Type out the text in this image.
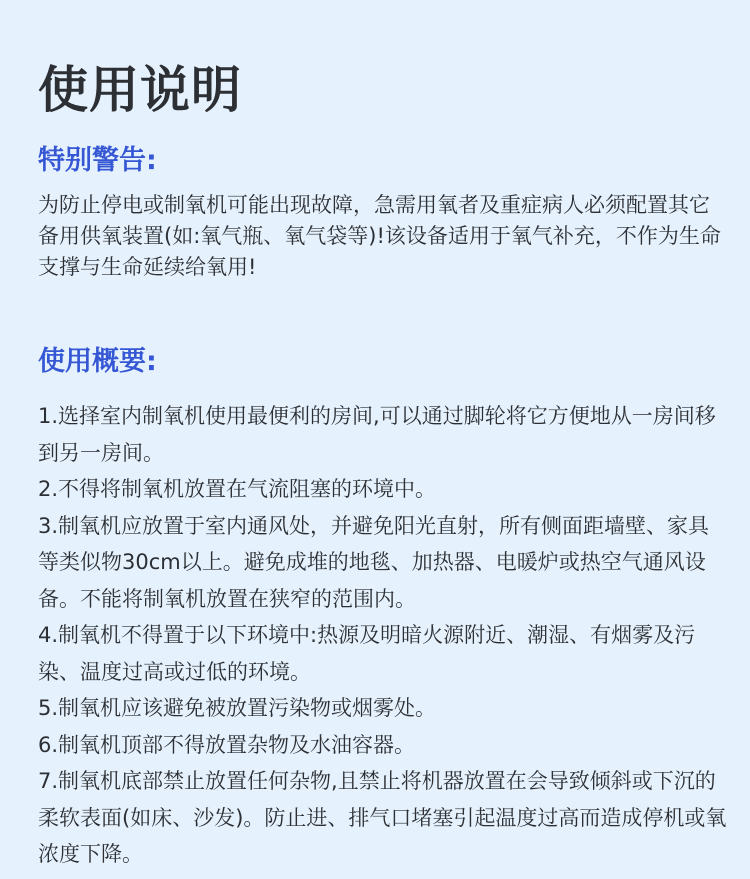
使用说明
特别警告:

为防止停电或制氧机可能出现故障，急需用氧者及重症病人必须配置其它备用供氧装置(如:氧气瓶、氧气袋等)!该设备适用于氧气补充，不作为生命支撑与生命延续给氧用!

使用概要:
1.选择室内制氧机使用最便利的房间,可以通过脚轮将它方便地从一房间移到另一房间。
2.不得将制氧机放置在气流阻塞的环境中。
3.制氧机应放置于室内通风处，并避免阳光直射，所有侧面距墙壁、家具等类似物30cm以上。避免成堆的地毯、加热器、电暖炉或热空气通风设备。不能将制氧机放置在狭窄的范围内。
4.制氧机不得置于以下环境中:热源及明暗火源附近、潮湿、有烟雾及污染、温度过高或过低的环境。
5.制氧机应该避免被放置污染物或烟雾处。
6.制氧机顶部不得放置杂物及水油容器。
7.制氧机底部禁止放置任何杂物,且禁止将机器放置在会导致倾斜或下沉的柔软表面(如床、沙发)。防止进、排气口堵塞引起温度过高而造成停机或氧浓度下降。
